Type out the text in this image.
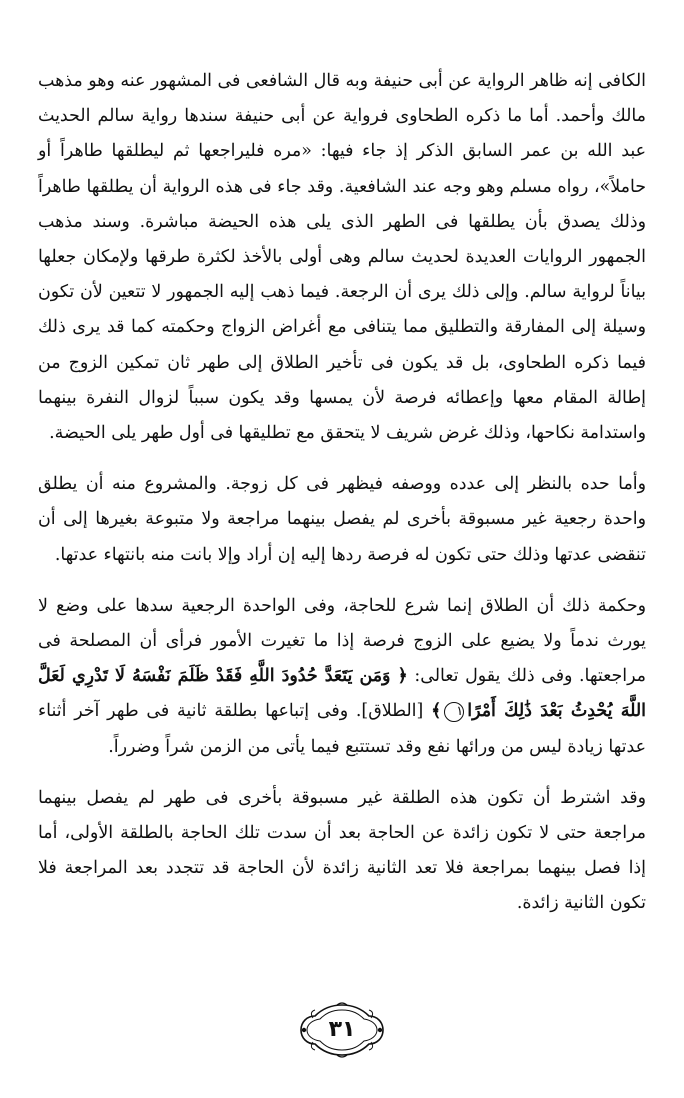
الكافى إنه ظاهر الرواية عن أبى حنيفة وبه قال الشافعى فى المشهور عنه وهو مذهب مالك وأحمد. أما ما ذكره الطحاوى فرواية عن أبى حنيفة سندها رواية سالم الحديث عبد الله بن عمر السابق الذكر إذ جاء فيها: «مره فليراجعها ثم ليطلقها طاهراً أو حاملاً»، رواه مسلم وهو وجه عند الشافعية. وقد جاء فى هذه الرواية أن يطلقها طاهراً وذلك يصدق بأن يطلقها فى الطهر الذى يلى هذه الحيضة مباشرة. وسند مذهب الجمهور الروايات العديدة لحديث سالم وهى أولى بالأخذ لكثرة طرقها ولإمكان جعلها بياناً لرواية سالم. وإلى ذلك يرى أن الرجعة. فيما ذهب إليه الجمهور لا تتعين لأن تكون وسيلة إلى المفارقة والتطليق مما يتنافى مع أغراض الزواج وحكمته كما قد يرى ذلك فيما ذكره الطحاوى، بل قد يكون فى تأخير الطلاق إلى طهر ثان تمكين الزوج من إطالة المقام معها وإعطائه فرصة لأن يمسها وقد يكون سبباً لزوال النفرة بينهما واستدامة نكاحها، وذلك غرض شريف لا يتحقق مع تطليقها فى أول طهر يلى الحيضة.

وأما حده بالنظر إلى عدده ووصفه فيظهر فى كل زوجة. والمشروع منه أن يطلق واحدة رجعية غير مسبوقة بأخرى لم يفصل بينهما مراجعة ولا متبوعة بغيرها إلى أن تنقضى عدتها وذلك حتى تكون له فرصة ردها إليه إن أراد وإلا بانت منه بانتهاء عدتها.

وحكمة ذلك أن الطلاق إنما شرع للحاجة، وفى الواحدة الرجعية سدها على وضع لا يورث ندماً ولا يضيع على الزوج فرصة إذا ما تغيرت الأمور فرأى أن المصلحة فى مراجعتها. وفى ذلك يقول تعالى: ﴿ وَمَن يَتَعَدَّ حُدُودَ اللَّهِ فَقَدْ ظَلَمَ نَفْسَهُ لَا تَدْرِي لَعَلَّ اللَّهَ يُحْدِثُ بَعْدَ ذَٰلِكَ أَمْرًا١﴾ [الطلاق]. وفى إتباعها بطلقة ثانية فى طهر آخر أثناء عدتها زيادة ليس من ورائها نفع وقد تستتبع فيما يأتى من الزمن شراً وضرراً.

وقد اشترط أن تكون هذه الطلقة غير مسبوقة بأخرى فى طهر لم يفصل بينهما مراجعة حتى لا تكون زائدة عن الحاجة بعد أن سدت تلك الحاجة بالطلقة الأولى، أما إذا فصل بينهما بمراجعة فلا تعد الثانية زائدة لأن الحاجة قد تتجدد بعد المراجعة فلا تكون الثانية زائدة.

٣١
